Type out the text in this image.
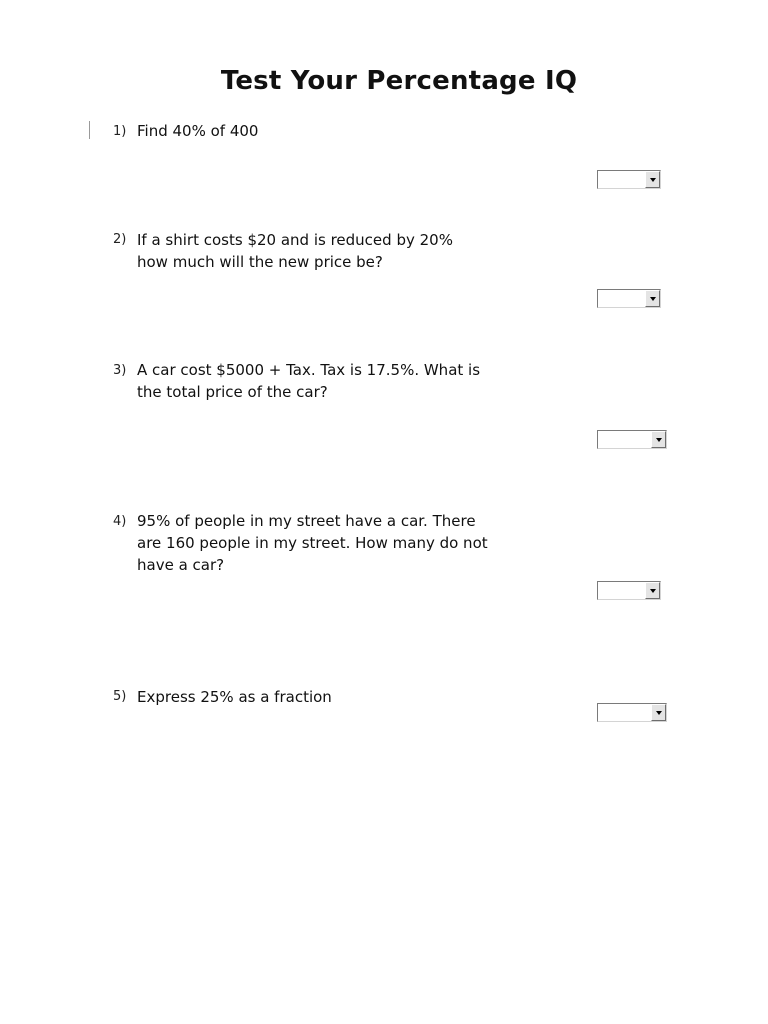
Test Your Percentage IQ
1) Find 40% of 400
2) If a shirt costs $20 and is reduced by 20%
how much will the new price be?
3) A car cost $5000 + Tax. Tax is 17.5%. What is
the total price of the car?
4) 95% of people in my street have a car. There
are 160 people in my street. How many do not
have a car?
5) Express 25% as a fraction
